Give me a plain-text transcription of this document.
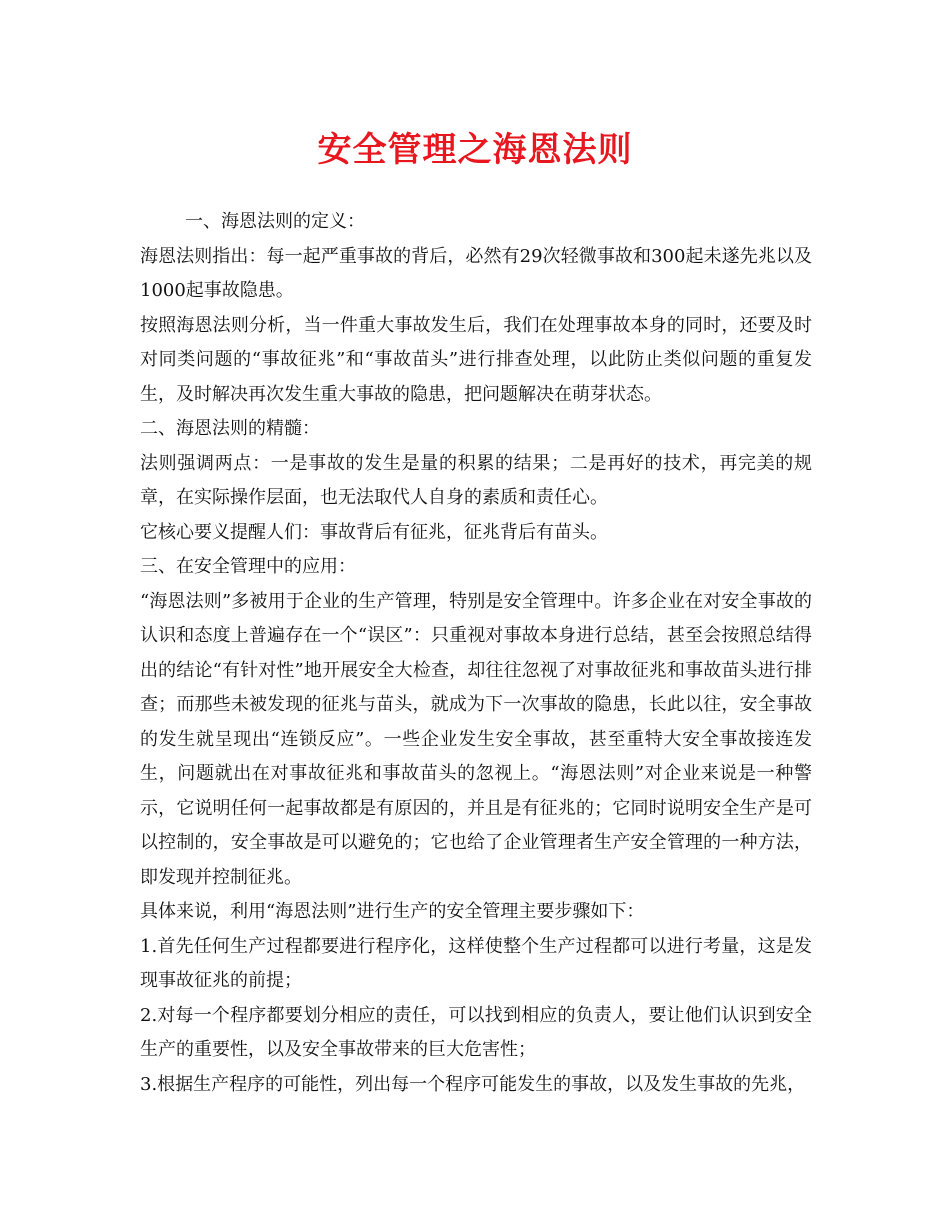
安全管理之海恩法则

一、海恩法则的定义：

海恩法则指出：每一起严重事故的背后，必然有29次轻微事故和300起未遂先兆以及1000起事故隐患。

按照海恩法则分析，当一件重大事故发生后，我们在处理事故本身的同时，还要及时对同类问题的“事故征兆”和“事故苗头”进行排查处理，以此防止类似问题的重复发生，及时解决再次发生重大事故的隐患，把问题解决在萌芽状态。

二、海恩法则的精髓：

法则强调两点：一是事故的发生是量的积累的结果；二是再好的技术，再完美的规章，在实际操作层面，也无法取代人自身的素质和责任心。

它核心要义提醒人们：事故背后有征兆，征兆背后有苗头。

三、在安全管理中的应用：

“海恩法则”多被用于企业的生产管理，特别是安全管理中。许多企业在对安全事故的认识和态度上普遍存在一个“误区”：只重视对事故本身进行总结，甚至会按照总结得出的结论“有针对性”地开展安全大检查，却往往忽视了对事故征兆和事故苗头进行排查；而那些未被发现的征兆与苗头，就成为下一次事故的隐患，长此以往，安全事故的发生就呈现出“连锁反应”。一些企业发生安全事故，甚至重特大安全事故接连发生，问题就出在对事故征兆和事故苗头的忽视上。“海恩法则”对企业来说是一种警示，它说明任何一起事故都是有原因的，并且是有征兆的；它同时说明安全生产是可以控制的，安全事故是可以避免的；它也给了企业管理者生产安全管理的一种方法，即发现并控制征兆。

具体来说，利用“海恩法则”进行生产的安全管理主要步骤如下：

1.首先任何生产过程都要进行程序化，这样使整个生产过程都可以进行考量，这是发现事故征兆的前提；

2.对每一个程序都要划分相应的责任，可以找到相应的负责人，要让他们认识到安全生产的重要性，以及安全事故带来的巨大危害性；

3.根据生产程序的可能性，列出每一个程序可能发生的事故，以及发生事故的先兆，
